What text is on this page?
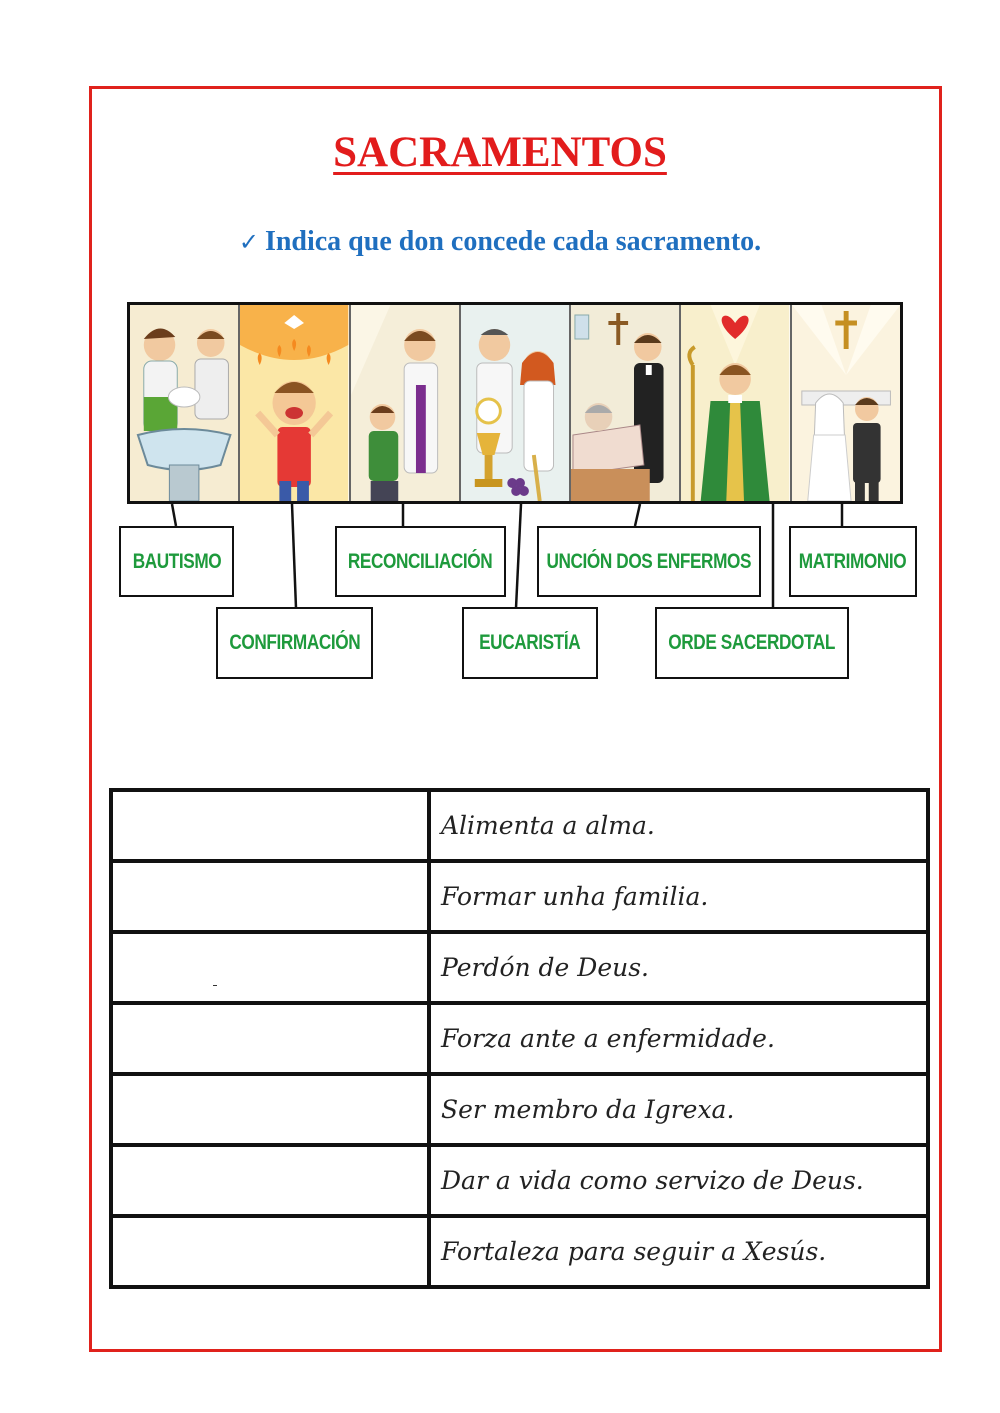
SACRAMENTOS
✓ Indica que don concede cada sacramento.
BAUTISMO
CONFIRMACIÓN
RECONCILIACIÓN
EUCARISTÍA
UNCIÓN DOS ENFERMOS
ORDE SACERDOTAL
MATRIMONIO
	Alimenta a alma.
	Formar unha familia.
	Perdón de Deus.
	Forza ante a enfermidade.
	Ser membro da Igrexa.
	Dar a vida como servizo de Deus.
	Fortaleza para seguir a Xesús.
